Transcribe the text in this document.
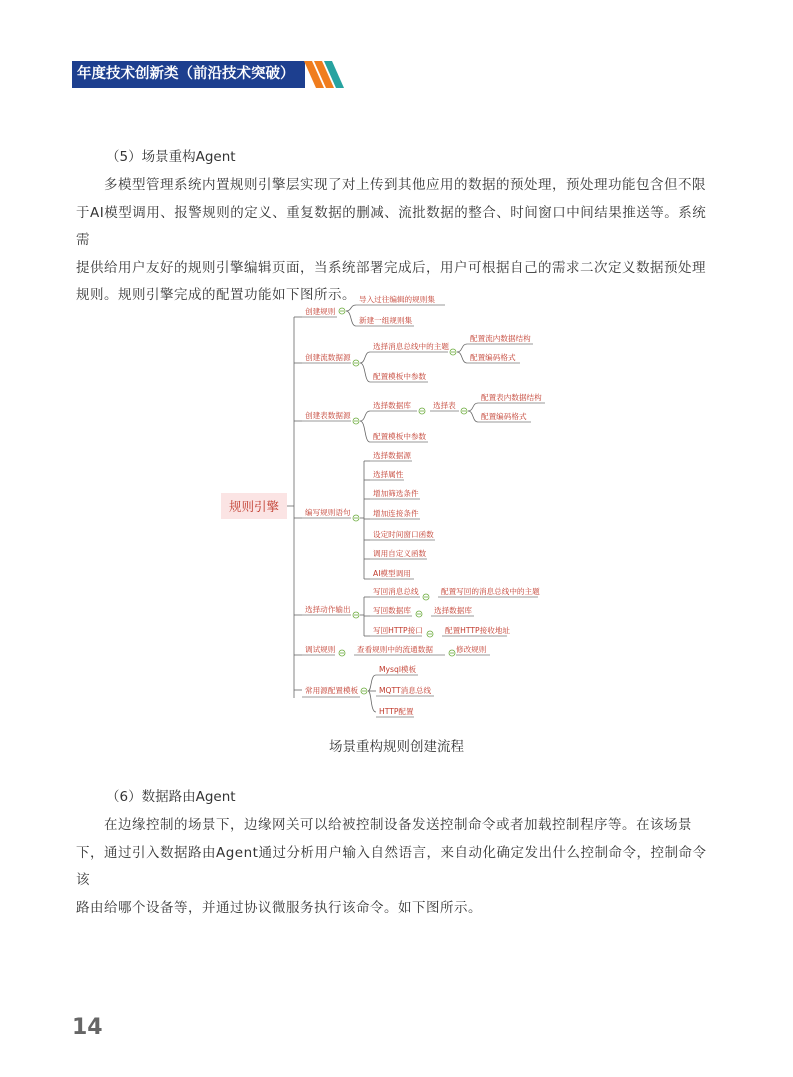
年度技术创新类（前沿技术突破）
（5）场景重构Agent
多模型管理系统内置规则引擎层实现了对上传到其他应用的数据的预处理，预处理功能包含但不限
于AI模型调用、报警规则的定义、重复数据的删减、流批数据的整合、时间窗口中间结果推送等。系统需
提供给用户友好的规则引擎编辑页面，当系统部署完成后，用户可根据自己的需求二次定义数据预处理
规则。规则引擎完成的配置功能如下图所示。
规则引擎
创建规则
导入过往编辑的规则集
新建一组规则集
创建流数据源
选择消息总线中的主题
配置流内数据结构
配置编码格式
配置模板中参数
创建表数据源
选择数据库	选择表
配置表内数据结构
配置编码格式
配置模板中参数
编写规则语句
选择数据源
选择属性
增加筛选条件
增加连接条件
设定时间窗口函数
调用自定义函数
AI模型调用
选择动作输出
写回消息总线	配置写回的消息总线中的主题
写回数据库	选择数据库
写回HTTP接口	配置HTTP接收地址
调试规则	查看规则中的流通数据	修改规则
常用源配置模板
Mysql模板
MQTT消息总线
HTTP配置
场景重构规则创建流程
（6）数据路由Agent
在边缘控制的场景下，边缘网关可以给被控制设备发送控制命令或者加载控制程序等。在该场景
下，通过引入数据路由Agent通过分析用户输入自然语言，来自动化确定发出什么控制命令，控制命令该
路由给哪个设备等，并通过协议微服务执行该命令。如下图所示。
14
